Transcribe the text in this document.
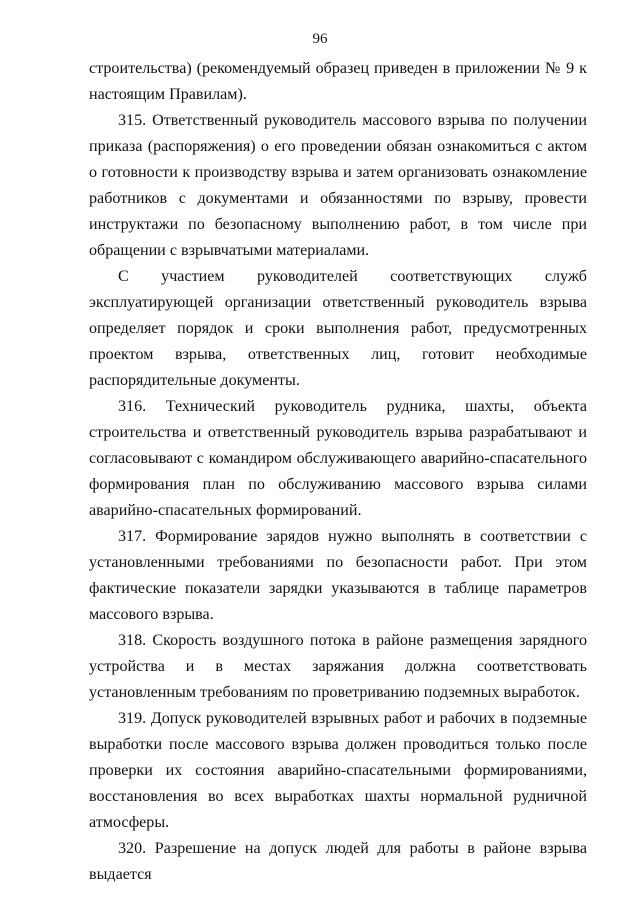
96

строительства) (рекомендуемый образец приведен в приложении № 9 к настоящим Правилам).

315. Ответственный руководитель массового взрыва по получении приказа (распоряжения) о его проведении обязан ознакомиться с актом о готовности к производству взрыва и затем организовать ознакомление работников с документами и обязанностями по взрыву, провести инструктажи по безопасному выполнению работ, в том числе при обращении с взрывчатыми материалами.

С участием руководителей соответствующих служб эксплуатирующей организации ответственный руководитель взрыва определяет порядок и сроки выполнения работ, предусмотренных проектом взрыва, ответственных лиц, готовит необходимые распорядительные документы.

316. Технический руководитель рудника, шахты, объекта строительства и ответственный руководитель взрыва разрабатывают и согласовывают с командиром обслуживающего аварийно-спасательного формирования план по обслуживанию массового взрыва силами аварийно-спасательных формирований.

317. Формирование зарядов нужно выполнять в соответствии с установленными требованиями по безопасности работ. При этом фактические показатели зарядки указываются в таблице параметров массового взрыва.

318. Скорость воздушного потока в районе размещения зарядного устройства и в местах заряжания должна соответствовать установленным требованиям по проветриванию подземных выработок.

319. Допуск руководителей взрывных работ и рабочих в подземные выработки после массового взрыва должен проводиться только после проверки их состояния аварийно-спасательными формированиями, восстановления во всех выработках шахты нормальной рудничной атмосферы.

320. Разрешение на допуск людей для работы в районе взрыва выдается
